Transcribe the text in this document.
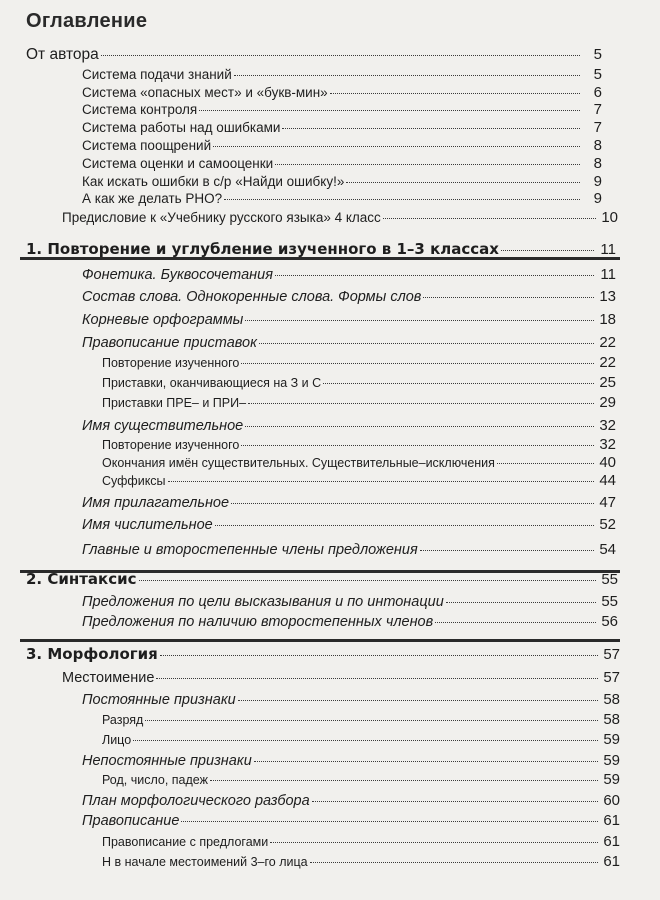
Оглавление
От автора	5
Система подачи знаний	5
Система «опасных мест» и «букв-мин»	6
Система контроля	7
Система работы над ошибками	7
Система поощрений	8
Система оценки и самооценки	8
Как искать ошибки в с/р «Найди ошибку!»	9
А как же делать РНО?	9
Предисловие к «Учебнику русского языка» 4 класс	10
1. Повторение и углубление изученного в 1–3 классах	11
Фонетика. Буквосочетания	11
Состав слова. Однокоренные слова. Формы слов	13
Корневые орфограммы	18
Правописание приставок	22
Повторение изученного	22
Приставки, оканчивающиеся на З и С	25
Приставки ПРЕ– и ПРИ–	29
Имя существительное	32
Повторение изученного	32
Окончания имён существительных. Существительные–исключения	40
Суффиксы	44
Имя прилагательное	47
Имя числительное	52
Главные и второстепенные члены предложения	54
2. Синтаксис	55
Предложения по цели высказывания и по интонации	55
Предложения по наличию второстепенных членов	56
3. Морфология	57
Местоимение	57
Постоянные признаки	58
Разряд	58
Лицо	59
Непостоянные признаки	59
Род, число, падеж	59
План морфологического разбора	60
Правописание	61
Правописание с предлогами	61
Н в начале местоимений 3–го лица	61
